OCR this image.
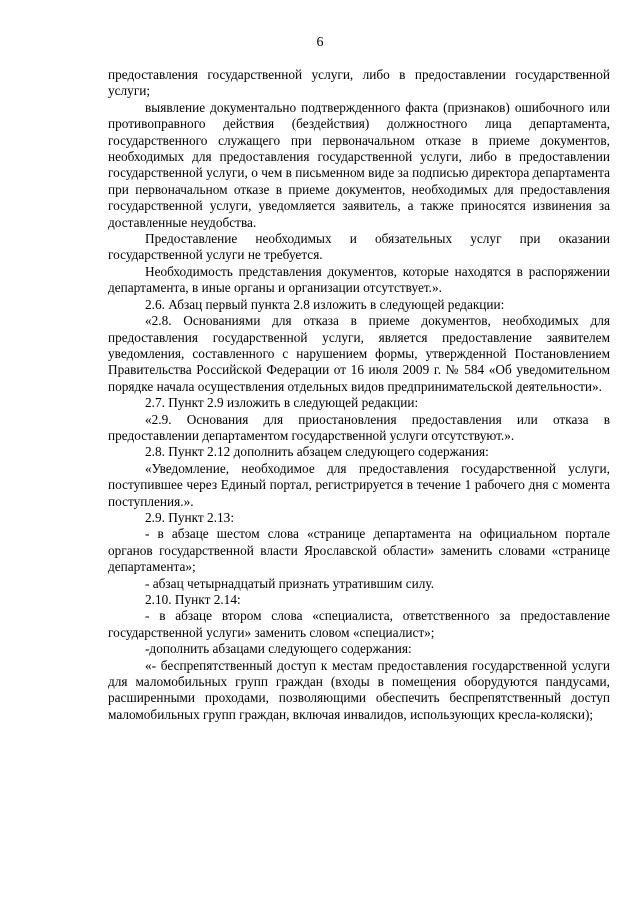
6

предоставления государственной услуги, либо в предоставлении государственной услуги;

выявление документально подтвержденного факта (признаков) ошибочного или противоправного действия (бездействия) должностного лица департамента, государственного служащего при первоначальном отказе в приеме документов, необходимых для предоставления государственной услуги, либо в предоставлении государственной услуги, о чем в письменном виде за подписью директора департамента при первоначальном отказе в приеме документов, необходимых для предоставления государственной услуги, уведомляется заявитель, а также приносятся извинения за доставленные неудобства.

Предоставление необходимых и обязательных услуг при оказании государственной услуги не требуется.

Необходимость представления документов, которые находятся в распоряжении департамента, в иные органы и организации отсутствует.».

2.6. Абзац первый пункта 2.8 изложить в следующей редакции:

«2.8. Основаниями для отказа в приеме документов, необходимых для предоставления государственной услуги, является предоставление заявителем уведомления, составленного с нарушением формы, утвержденной Постановлением Правительства Российской Федерации от 16 июля 2009 г. № 584 «Об уведомительном порядке начала осуществления отдельных видов предпринимательской деятельности».

2.7. Пункт 2.9 изложить в следующей редакции:

«2.9. Основания для приостановления предоставления или отказа в предоставлении департаментом государственной услуги отсутствуют.».

2.8. Пункт 2.12 дополнить абзацем следующего содержания:

«Уведомление, необходимое для предоставления государственной услуги, поступившее через Единый портал, регистрируется в течение 1 рабочего дня с момента поступления.».

2.9. Пункт 2.13:

- в абзаце шестом слова «странице департамента на официальном портале органов государственной власти Ярославской области» заменить словами «странице департамента»;

- абзац четырнадцатый признать утратившим силу.

2.10. Пункт 2.14:

- в абзаце втором слова «специалиста, ответственного за предоставление государственной услуги» заменить словом «специалист»;

-дополнить абзацами следующего содержания:

«- беспрепятственный доступ к местам предоставления государственной услуги для маломобильных групп граждан (входы в помещения оборудуются пандусами, расширенными проходами, позволяющими обеспечить беспрепятственный доступ маломобильных групп граждан, включая инвалидов, использующих кресла-коляски);
